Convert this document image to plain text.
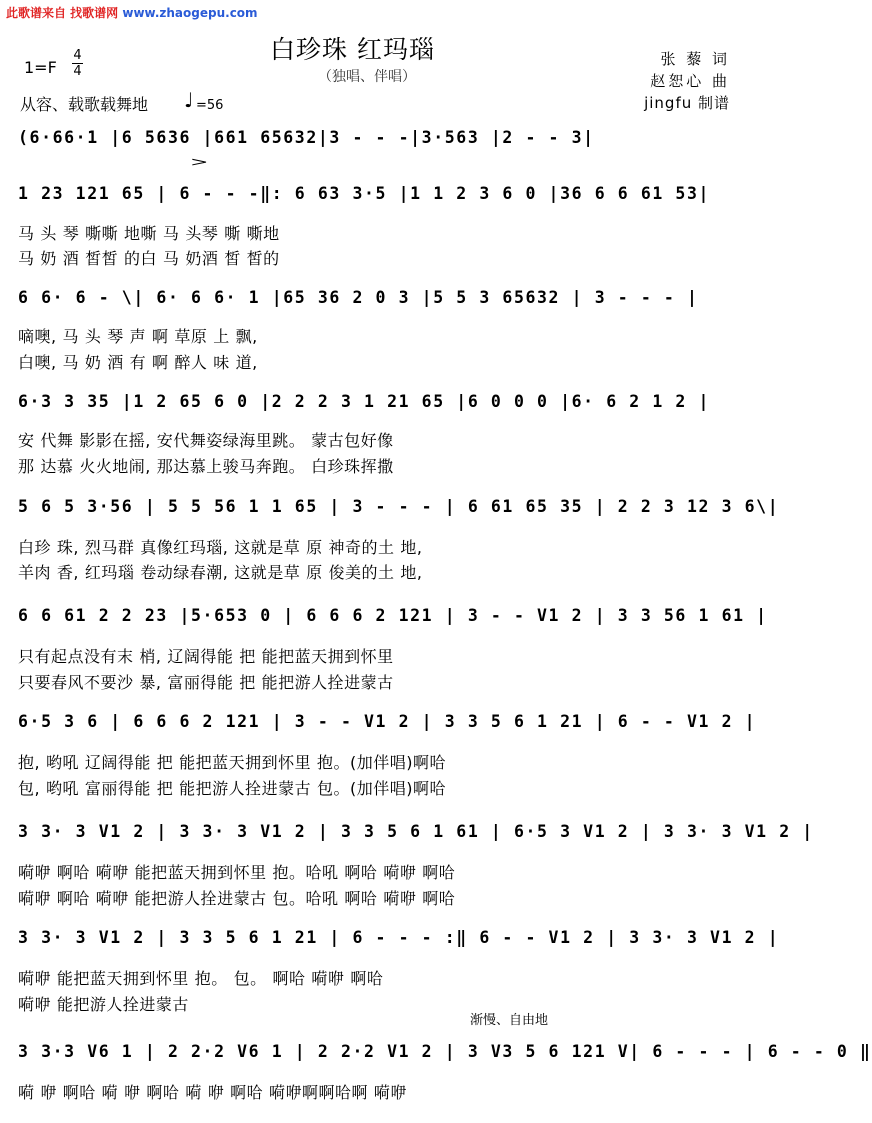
此歌谱来自 找歌谱网 www.zhaogepu.com
白珍珠 红玛瑙
（独唱、伴唱）
张 藜 词
赵恕心 曲
jingfu 制谱
1=F
4
4
从容、载歌载舞地 ♩ =56
>
(6·66·1 |6 5636 |661 65632|3 - - -|3·563 |2 - - 3|
1 23 121 65 | 6 - - -‖: 6 63 3·5 |1 1 2 3 6 0 |36 6 6 61 53|
马 头 琴 嘶嘶 地嘶 马 头琴 嘶 嘶地
马 奶 酒 皙皙 的白 马 奶酒 皙 皙的
6 6· 6 - \| 6· 6 6· 1 |65 36 2 0 3 |5 5 3 65632 | 3 - - - |
嘀噢, 马 头 琴 声 啊 草原 上 飘,
白噢, 马 奶 酒 有 啊 醉人 味 道,
6·3 3 35 |1 2 65 6 0 |2 2 2 3 1 21 65 |6 0 0 0 |6· 6 2 1 2 |
安 代舞 影影在摇, 安代舞姿绿海里跳。 蒙古包好像
那 达慕 火火地闹, 那达慕上骏马奔跑。 白珍珠挥撒
5 6 5 3·56 | 5 5 56 1 1 65 | 3 - - - | 6 61 65 35 | 2 2 3 12 3 6\|
白珍 珠, 烈马群 真像红玛瑙, 这就是草 原 神奇的土 地,
羊肉 香, 红玛瑙 卷动绿春潮, 这就是草 原 俊美的土 地,
6 6 61 2 2 23 |5·653 0 | 6 6 6 2 121 | 3 - - V1 2 | 3 3 56 1 61 |
只有起点没有末 梢, 辽阔得能 把 能把蓝天拥到怀里
只要春风不要沙 暴, 富丽得能 把 能把游人拴进蒙古
6·5 3 6 | 6 6 6 2 121 | 3 - - V1 2 | 3 3 5 6 1 21 | 6 - - V1 2 |
抱, 哟吼 辽阔得能 把 能把蓝天拥到怀里 抱。(加伴唱)啊哈
包, 哟吼 富丽得能 把 能把游人拴进蒙古 包。(加伴唱)啊哈
3 3· 3 V1 2 | 3 3· 3 V1 2 | 3 3 5 6 1 61 | 6·5 3 V1 2 | 3 3· 3 V1 2 |
嗬咿 啊哈 嗬咿 能把蓝天拥到怀里 抱。哈吼 啊哈 嗬咿 啊哈
嗬咿 啊哈 嗬咿 能把游人拴进蒙古 包。哈吼 啊哈 嗬咿 啊哈
3 3· 3 V1 2 | 3 3 5 6 1 21 | 6 - - - :‖ 6 - - V1 2 | 3 3· 3 V1 2 |
嗬咿 能把蓝天拥到怀里 抱。 包。 啊哈 嗬咿 啊哈
嗬咿 能把游人拴进蒙古
渐慢、自由地
3 3·3 V6 1 | 2 2·2 V6 1 | 2 2·2 V1 2 | 3 V3 5 6 121 V| 6 - - - | 6 - - 0 ‖
嗬 咿 啊哈 嗬 咿 啊哈 嗬 咿 啊哈 嗬咿啊啊哈啊 嗬咿
